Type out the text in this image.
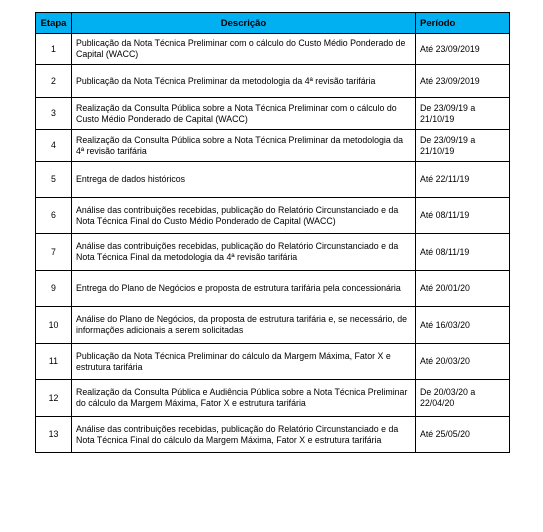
Etapa	Descrição	Período
1	Publicação da Nota Técnica Preliminar com o cálculo do Custo Médio Ponderado de Capital (WACC)	Até 23/09/2019
2	Publicação da Nota Técnica Preliminar da metodologia da 4ª revisão tarifária	Até 23/09/2019
3	Realização da Consulta Pública sobre a Nota Técnica Preliminar com o cálculo do Custo Médio Ponderado de Capital (WACC)	De 23/09/19 a 21/10/19
4	Realização da Consulta Pública sobre a Nota Técnica Preliminar da metodologia da 4ª revisão tarifária	De 23/09/19 a 21/10/19
5	Entrega de dados históricos	Até 22/11/19
6	Análise das contribuições recebidas, publicação do Relatório Circunstanciado e da Nota Técnica Final do Custo Médio Ponderado de Capital (WACC)	Até 08/11/19
7	Análise das contribuições recebidas, publicação do Relatório Circunstanciado e da Nota Técnica Final da metodologia da 4ª revisão tarifária	Até 08/11/19
9	Entrega do Plano de Negócios e proposta de estrutura tarifária pela concessionária	Até 20/01/20
10	Análise do Plano de Negócios, da proposta de estrutura tarifária e, se necessário, de informações adicionais a serem solicitadas	Até 16/03/20
11	Publicação da Nota Técnica Preliminar do cálculo da Margem Máxima, Fator X e estrutura tarifária	Até 20/03/20
12	Realização da Consulta Pública e Audiência Pública sobre a Nota Técnica Preliminar do cálculo da Margem Máxima, Fator X e estrutura tarifária	De 20/03/20 a 22/04/20
13	Análise das contribuições recebidas, publicação do Relatório Circunstanciado e da Nota Técnica Final do cálculo da Margem Máxima, Fator X e estrutura tarifária	Até 25/05/20
